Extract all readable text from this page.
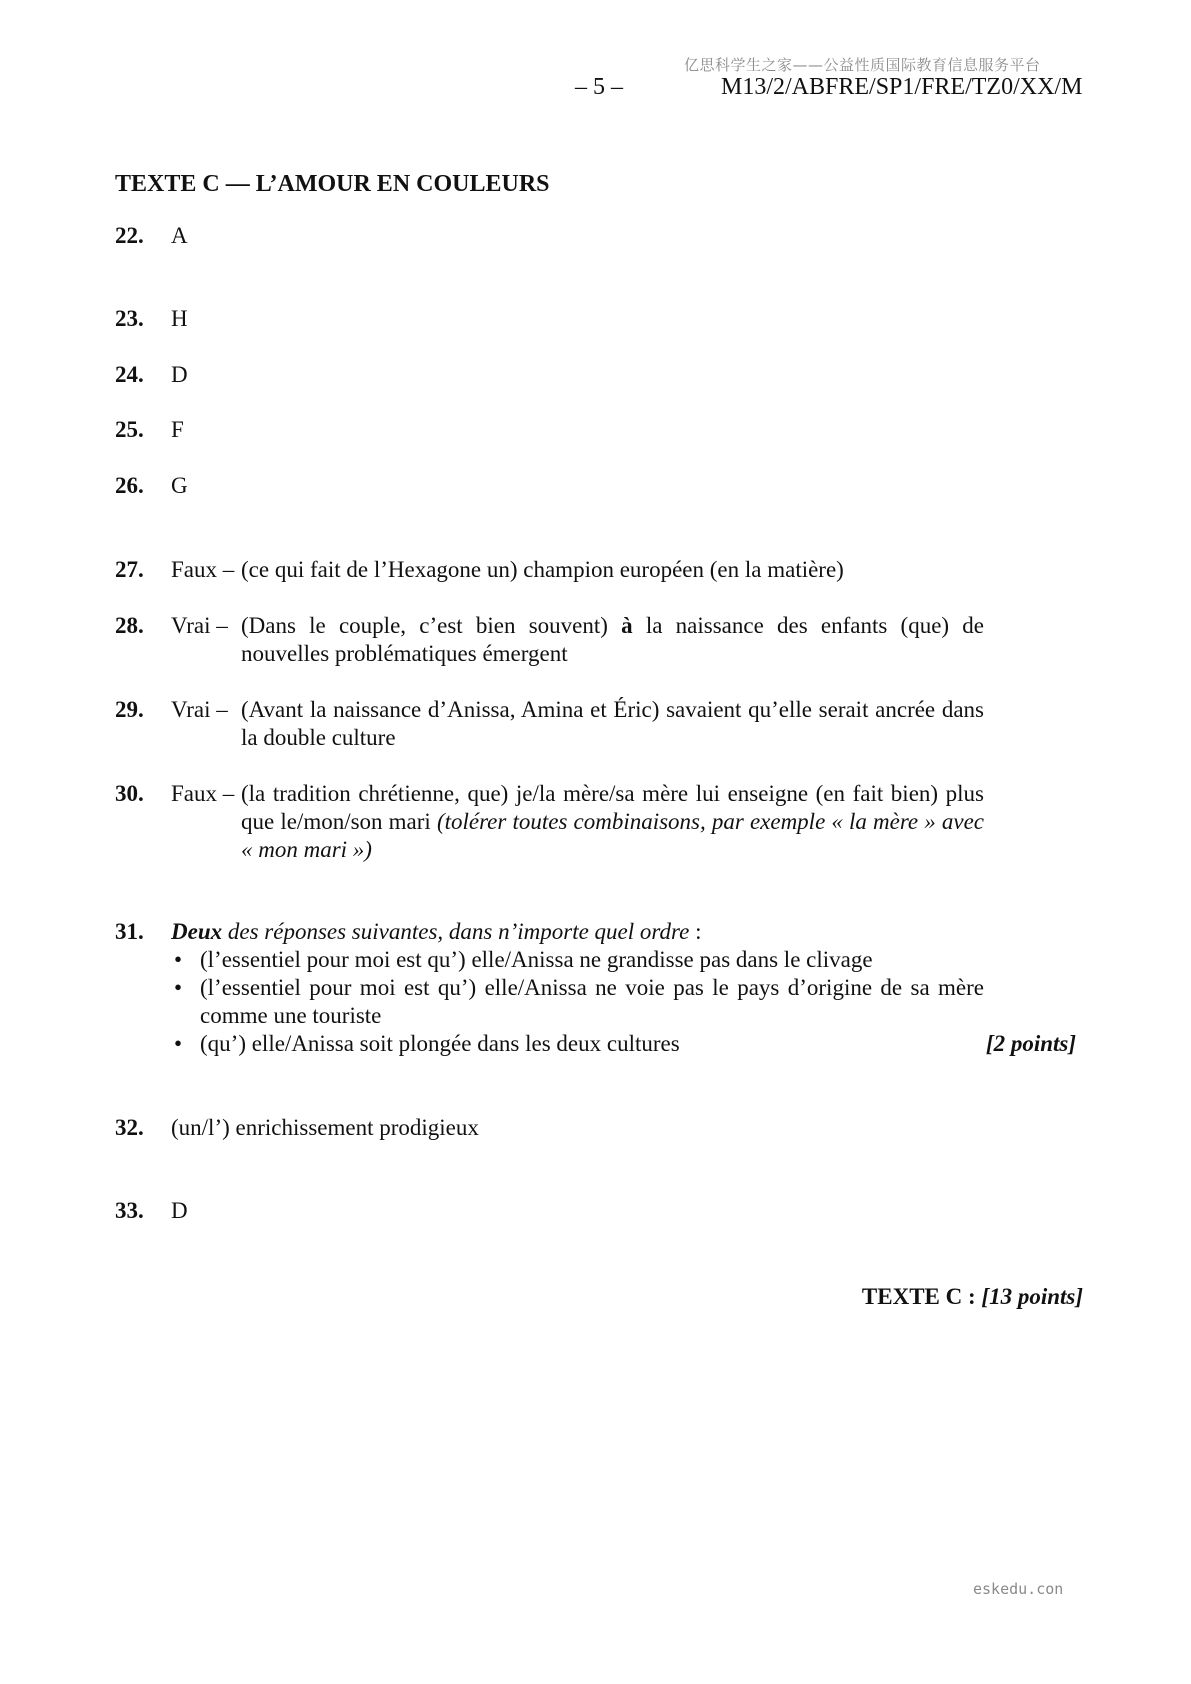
亿思科学生之家——公益性质国际教育信息服务平台
– 5 –	M13/2/ABFRE/SP1/FRE/TZ0/XX/M
TEXTE C — L’AMOUR EN COULEURS
22. A
23. H
24. D
25. F
26. G
27. Faux – (ce qui fait de l’Hexagone un) champion européen (en la matière)
28. Vrai – (Dans le couple, c’est bien souvent) à la naissance des enfants (que) de nouvelles problématiques émergent
29. Vrai – (Avant la naissance d’Anissa, Amina et Éric) savaient qu’elle serait ancrée dans la double culture
30. Faux – (la tradition chrétienne, que) je/la mère/sa mère lui enseigne (en fait bien) plus que le/mon/son mari (tolérer toutes combinaisons, par exemple « la mère » avec « mon mari »)
31. Deux des réponses suivantes, dans n’importe quel ordre :
• (l’essentiel pour moi est qu’) elle/Anissa ne grandisse pas dans le clivage
• (l’essentiel pour moi est qu’) elle/Anissa ne voie pas le pays d’origine de sa mère comme une touriste
• (qu’) elle/Anissa soit plongée dans les deux cultures	[2 points]
32. (un/l’) enrichissement prodigieux
33. D
TEXTE C : [13 points]
eskedu.con
